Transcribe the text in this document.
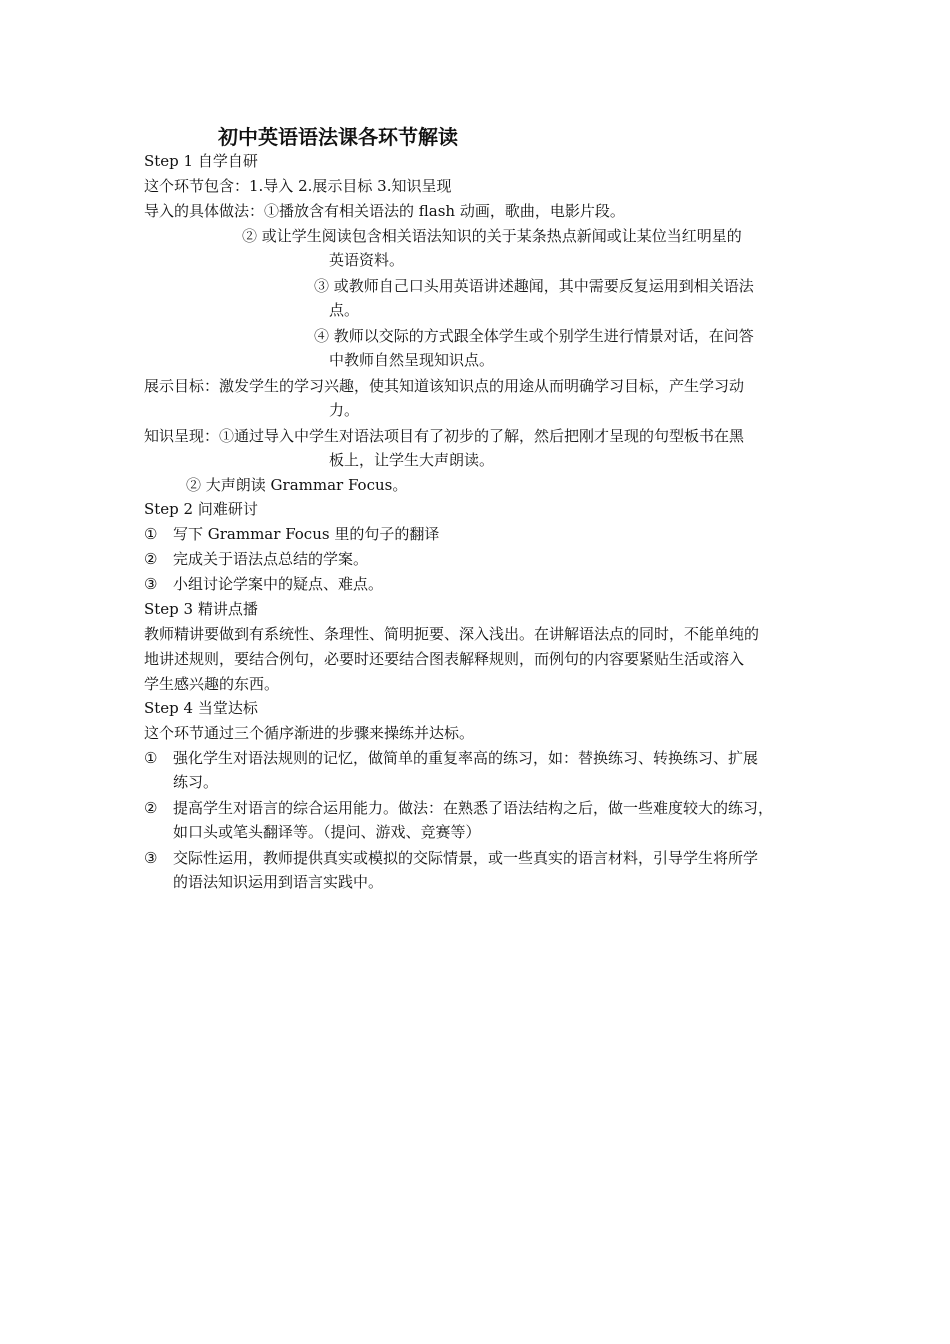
初中英语语法课各环节解读
Step 1 自学自研
这个环节包含：1.导入 2.展示目标 3.知识呈现
导入的具体做法：①播放含有相关语法的 flash 动画，歌曲，电影片段。
② 或让学生阅读包含相关语法知识的关于某条热点新闻或让某位当红明星的
英语资料。
③ 或教师自己口头用英语讲述趣闻，其中需要反复运用到相关语法
点。
④ 教师以交际的方式跟全体学生或个别学生进行情景对话，在问答
中教师自然呈现知识点。
展示目标：激发学生的学习兴趣，使其知道该知识点的用途从而明确学习目标，产生学习动
力。
知识呈现：①通过导入中学生对语法项目有了初步的了解，然后把刚才呈现的句型板书在黑
板上，让学生大声朗读。
② 大声朗读 Grammar Focus。
Step 2 问难研讨
① 写下 Grammar Focus 里的句子的翻译
② 完成关于语法点总结的学案。
③ 小组讨论学案中的疑点、难点。
Step 3 精讲点播
教师精讲要做到有系统性、条理性、简明扼要、深入浅出。在讲解语法点的同时，不能单纯的
地讲述规则，要结合例句，必要时还要结合图表解释规则，而例句的内容要紧贴生活或溶入
学生感兴趣的东西。
Step 4 当堂达标
这个环节通过三个循序渐进的步骤来操练并达标。
① 强化学生对语法规则的记忆，做简单的重复率高的练习，如：替换练习、转换练习、扩展
练习。
② 提高学生对语言的综合运用能力。做法：在熟悉了语法结构之后，做一些难度较大的练习，
如口头或笔头翻译等。（提问、游戏、竞赛等）
③ 交际性运用，教师提供真实或模拟的交际情景，或一些真实的语言材料，引导学生将所学
的语法知识运用到语言实践中。
